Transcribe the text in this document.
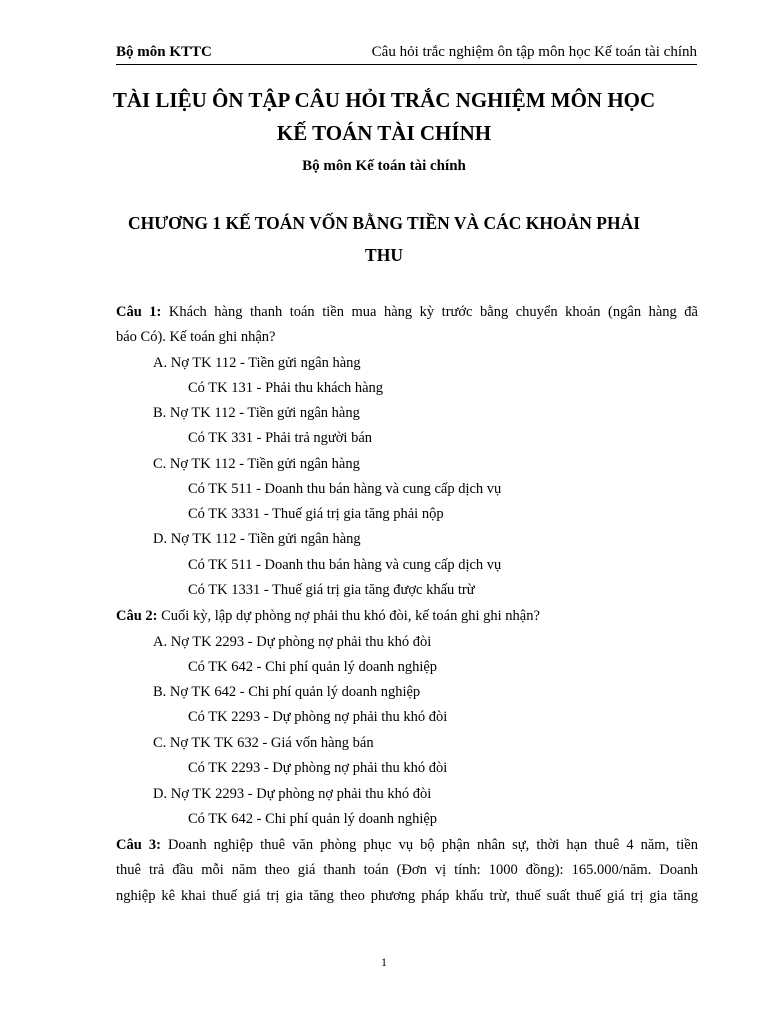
Bộ môn KTTC	Câu hỏi trắc nghiệm ôn tập môn học Kế toán tài chính
TÀI LIỆU ÔN TẬP CÂU HỎI TRẮC NGHIỆM MÔN HỌC
KẾ TOÁN TÀI CHÍNH
Bộ môn Kế toán tài chính
CHƯƠNG 1 KẾ TOÁN VỐN BẰNG TIỀN VÀ CÁC KHOẢN PHẢI
THU
Câu 1: Khách hàng thanh toán tiền mua hàng kỳ trước bằng chuyển khoản (ngân hàng đã
báo Có). Kế toán ghi nhận?
A. Nợ TK 112 - Tiền gửi ngân hàng
Có TK 131 - Phải thu khách hàng
B. Nợ TK 112 - Tiền gửi ngân hàng
Có TK 331 - Phải trả người bán
C. Nợ TK 112 - Tiền gửi ngân hàng
Có TK 511 - Doanh thu bán hàng và cung cấp dịch vụ
Có TK 3331 - Thuế giá trị gia tăng phải nộp
D. Nợ TK 112 - Tiền gửi ngân hàng
Có TK 511 - Doanh thu bán hàng và cung cấp dịch vụ
Có TK 1331 - Thuế giá trị gia tăng được khấu trừ
Câu 2: Cuối kỳ, lập dự phòng nợ phải thu khó đòi, kế toán ghi ghi nhận?
A. Nợ TK 2293 - Dự phòng nợ phải thu khó đòi
Có TK 642 - Chi phí quản lý doanh nghiệp
B. Nợ TK 642 - Chi phí quản lý doanh nghiệp
Có TK 2293 - Dự phòng nợ phải thu khó đòi
C. Nợ TK TK 632 - Giá vốn hàng bán
Có TK 2293 - Dự phòng nợ phải thu khó đòi
D. Nợ TK 2293 - Dự phòng nợ phải thu khó đòi
Có TK 642 - Chi phí quản lý doanh nghiệp
Câu 3: Doanh nghiệp thuê văn phòng phục vụ bộ phận nhân sự, thời hạn thuê 4 năm, tiền
thuê trả đầu mỗi năm theo giá thanh toán (Đơn vị tính: 1000 đồng): 165.000/năm. Doanh
nghiệp kê khai thuế giá trị gia tăng theo phương pháp khấu trừ, thuế suất thuế giá trị gia tăng
1
